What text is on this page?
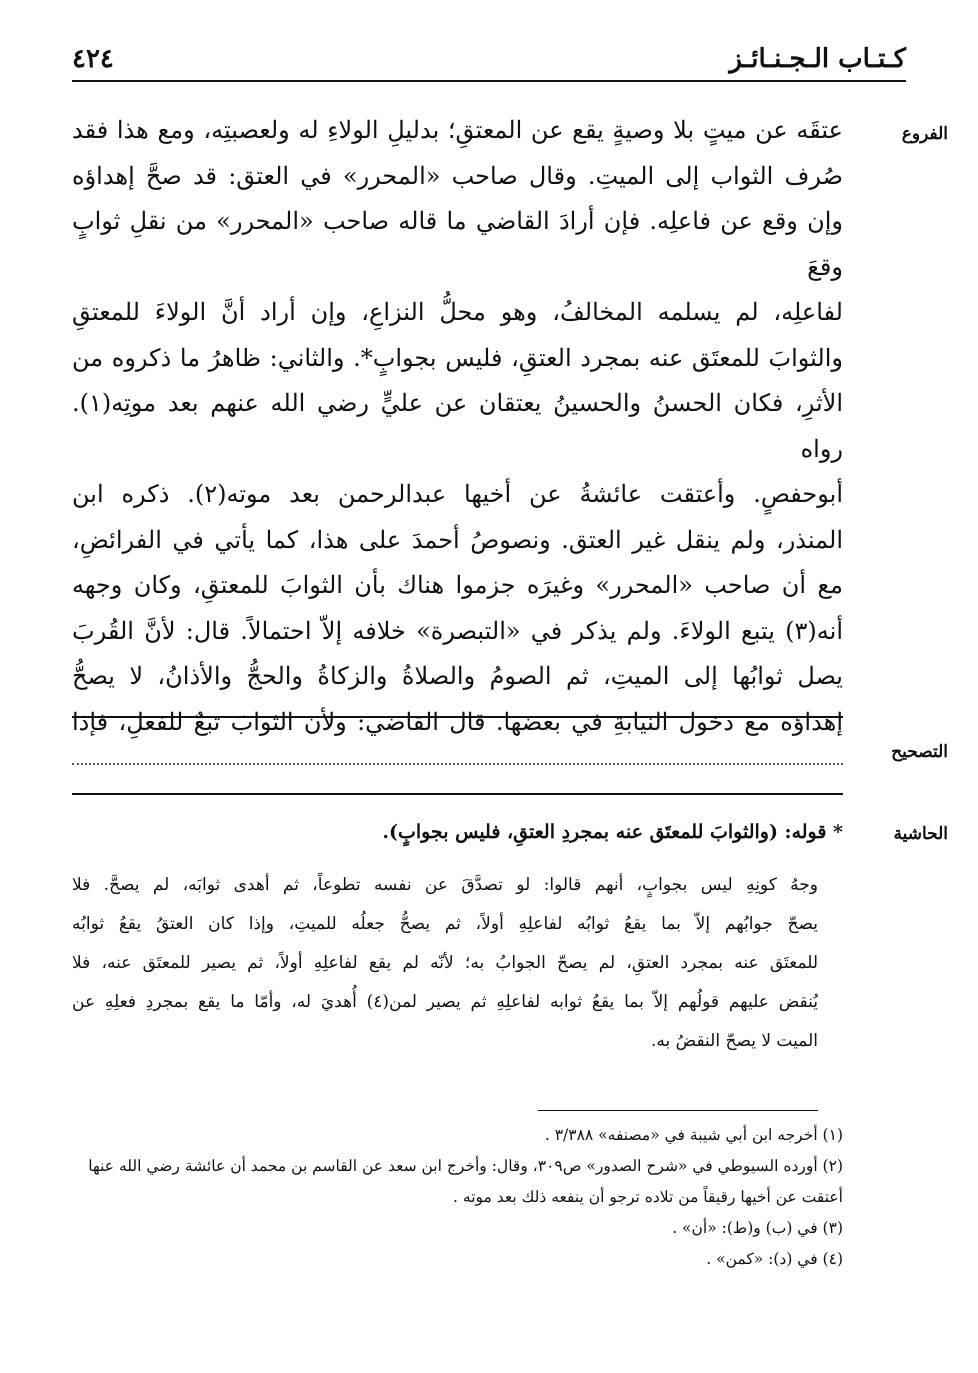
كـتـاب الـجـنـائـز
٤٢٤
الفروع
عتقَه عن ميتٍ بلا وصيةٍ يقع عن المعتقِ؛ بدليلِ الولاءِ له ولعصبتِه، ومع هذا فقد
صُرف الثواب إلى الميتِ. وقال صاحب «المحرر» في العتق: قد صحَّ إهداؤه
وإن وقع عن فاعلِه. فإن أرادَ القاضي ما قاله صاحب «المحرر» من نقلِ ثوابٍ وقعَ
لفاعلِه، لم يسلمه المخالفُ، وهو محلُّ النزاعِ، وإن أراد أنَّ الولاءَ للمعتقِ
والثوابَ للمعتَق عنه بمجرد العتقِ، فليس بجوابٍ*. والثاني: ظاهرُ ما ذكروه من
الأثرِ، فكان الحسنُ والحسينُ يعتقان عن عليٍّ رضي الله عنهم بعد موتِه(١). رواه
أبوحفصٍ. وأعتقت عائشةُ عن أخيها عبدالرحمن بعد موته(٢). ذكره ابن
المنذر، ولم ينقل غير العتق. ونصوصُ أحمدَ على هذا، كما يأتي في الفرائضِ،
مع أن صاحب «المحرر» وغيرَه جزموا هناك بأن الثوابَ للمعتقِ، وكان وجهه
أنه(٣) يتبع الولاءَ. ولم يذكر في «التبصرة» خلافه إلاّ احتمالاً. قال: لأنَّ القُربَ
يصل ثوابُها إلى الميتِ، ثم الصومُ والصلاةُ والزكاةُ والحجُّ والأذانُ، لا يصحُّ
إهداؤه مع دخول النيابةِ في بعضها. قال القاضي: ولأن الثوابَ تبعٌ للفعلِ، فإذا
التصحيح
الحاشية
* قوله: (والثوابَ للمعتَق عنه بمجردِ العتقِ، فليس بجوابٍ).
وجهُ كونِهِ ليس بجوابٍ، أنهم قالوا: لو تصدَّقَ عن نفسه تطوعاً، ثم أهدى ثوابَه، لم يصحَّ. فلا
يصحّ جوابُهم إلاّ بما يقعُ ثوابُه لفاعلِهِ أولاً، ثم يصحُّ جعلُه للميتِ، وإذا كان العتقُ يقعُ ثوابُه
للمعتَق عنه بمجرد العتقِ، لم يصحّ الجوابُ به؛ لأنّه لم يقع لفاعلِهِ أولاً، ثم يصير للمعتَق عنه، فلا
يُنقض عليهم قولُهم إلاّ بما يقعُ ثوابه لفاعلِهِ ثم يصير لمن(٤) أُهديَ له، وأمّا ما يقع بمجردِ فعلِهِ عن
الميت لا يصحّ النقضُ به.
(١) أخرجه ابن أبي شيبة في «مصنفه» ٣/٣٨٨ .
(٢) أورده السيوطي في «شرح الصدور» ص٣٠٩، وقال: وأخرج ابن سعد عن القاسم بن محمد أن عائشة رضي الله عنها
أعتقت عن أخيها رقيقاً من تلاده ترجو أن ينفعه ذلك بعد موته .
(٣) في (ب) و(ط): «أن» .
(٤) في (د): «كمن» .
